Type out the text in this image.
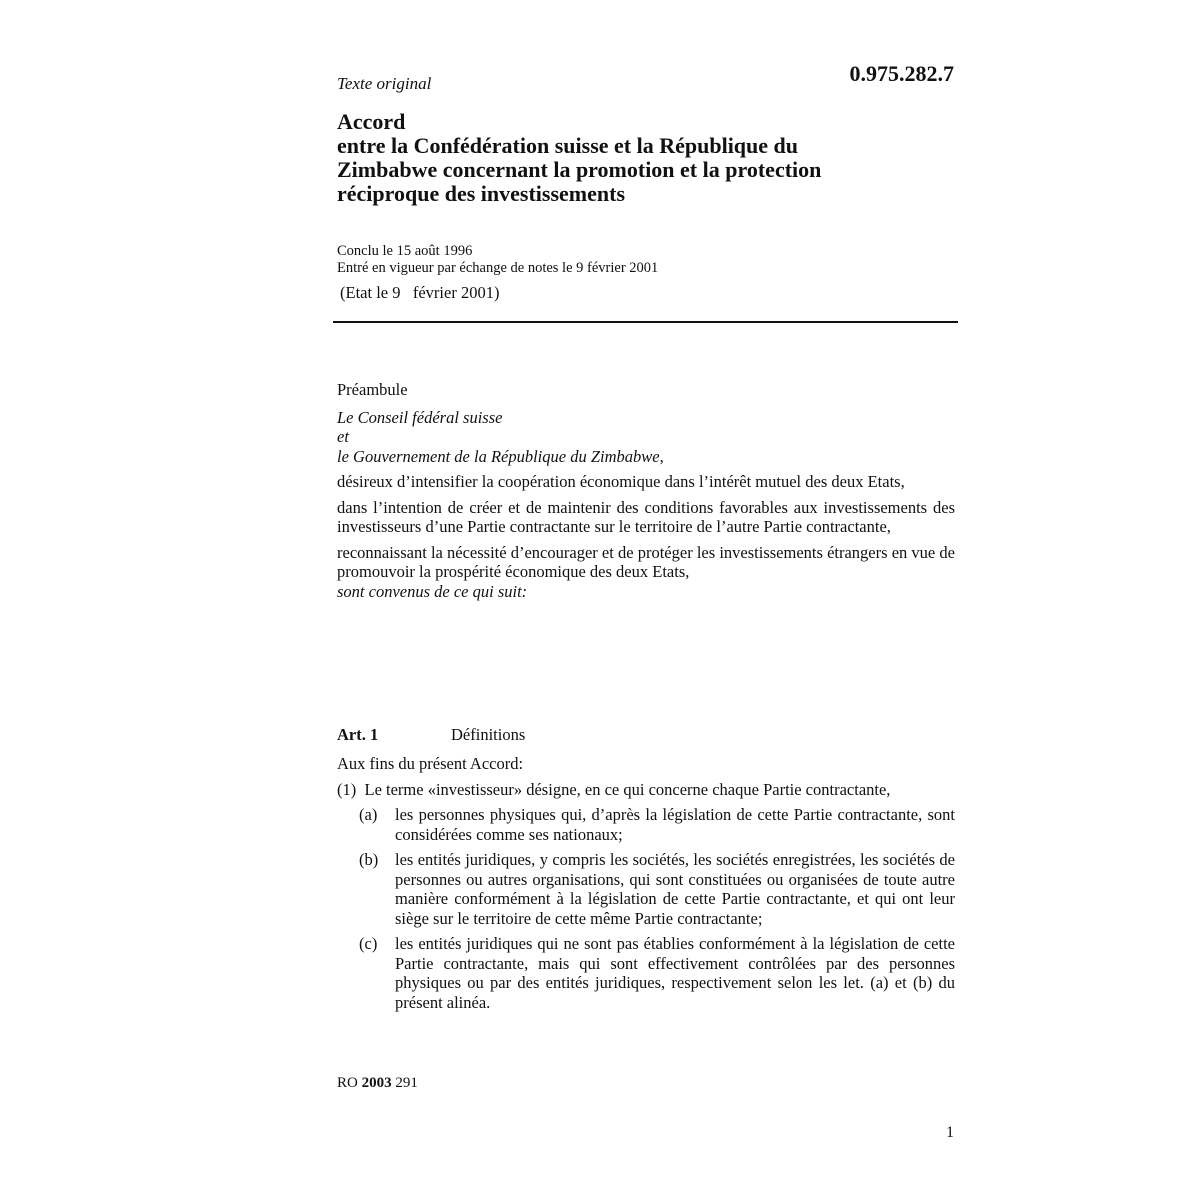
Texte original	0.975.282.7
Accord
entre la Confédération suisse et la République du
Zimbabwe concernant la promotion et la protection
réciproque des investissements
Conclu le 15 août 1996
Entré en vigueur par échange de notes le 9 février 2001
(Etat le 9   février 2001)

Préambule

Le Conseil fédéral suisse

et

le Gouvernement de la République du Zimbabwe,

désireux d’intensifier la coopération économique dans l’intérêt mutuel des deux Etats,

dans l’intention de créer et de maintenir des conditions favorables aux investissements des investisseurs d’une Partie contractante sur le territoire de l’autre Partie contractante,

reconnaissant la nécessité d’encourager et de protéger les investissements étrangers en vue de promouvoir la prospérité économique des deux Etats,

sont convenus de ce qui suit:

Art. 1	Définitions
Aux fins du présent Accord:
(1)  Le terme «investisseur» désigne, en ce qui concerne chaque Partie contractante,
(a)	les personnes physiques qui, d’après la législation de cette Partie contractante, sont considérées comme ses nationaux;
(b)	les entités juridiques, y compris les sociétés, les sociétés enregistrées, les sociétés de personnes ou autres organisations, qui sont constituées ou organisées de toute autre manière conformément à la législation de cette Partie contractante, et qui ont leur siège sur le territoire de cette même Partie contractante;
(c)	les entités juridiques qui ne sont pas établies conformément à la législation de cette Partie contractante, mais qui sont effectivement contrôlées par des personnes physiques ou par des entités juridiques, respectivement selon les let. (a) et (b) du présent alinéa.
RO 2003 291
1
